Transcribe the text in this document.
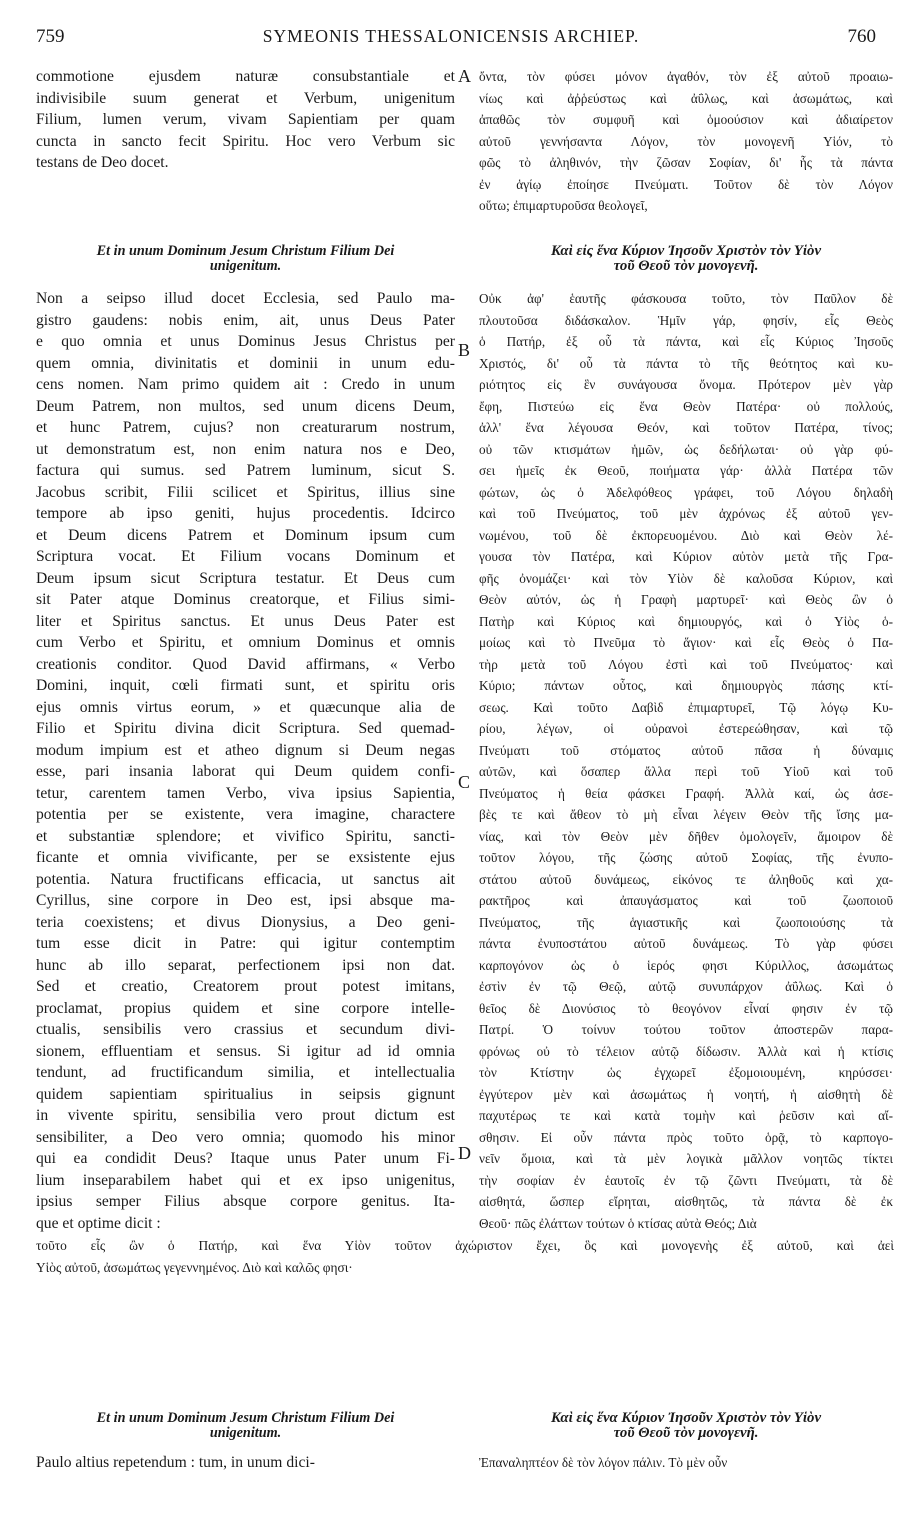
759	SYMEONIS THESSALONICENSIS ARCHIEP.	760
A
B
C
D
commotione ejusdem naturæ consubstantiale et
indivisibile suum generat et Verbum, unigenitum
Filium, lumen verum, vivam Sapientiam per quam
cuncta in sancto fecit Spiritu. Hoc vero Verbum sic
testans de Deo docet.
ὄντα, τὸν φύσει μόνον ἀγαθόν, τὸν ἐξ αὐτοῦ προαιω-
νίως καὶ ἀῤῥεύστως καὶ ἀΰλως, καὶ ἀσωμάτως, καὶ
ἀπαθῶς τὸν συμφυῆ καὶ ὁμοούσιον καὶ ἀδιαίρετον
αὐτοῦ γεννήσαντα Λόγον, τὸν μονογενῆ Υἱόν, τὸ
φῶς τὸ ἀληθινόν, τὴν ζῶσαν Σοφίαν, δι' ἧς τὰ πάντα
ἐν ἁγίῳ ἐποίησε Πνεύματι. Τοῦτον δὲ τὸν Λόγον
οὕτω; ἐπιμαρτυροῦσα θεολογεῖ,
Et in unum Dominum Jesum Christum Filium Dei
unigenitum.
Καὶ εἰς ἕνα Κύριον Ἰησοῦν Χριστὸν τὸν Υἱὸν
τοῦ Θεοῦ τὸν μονογενῆ.
Non a seipso illud docet Ecclesia, sed Paulo ma-
gistro gaudens: nobis enim, ait, unus Deus Pater
e quo omnia et unus Dominus Jesus Christus per
quem omnia, divinitatis et dominii in unum edu-
cens nomen. Nam primo quidem ait : Credo in unum
Deum Patrem, non multos, sed unum dicens Deum,
et hunc Patrem, cujus? non creaturarum nostrum,
ut demonstratum est, non enim natura nos e Deo,
factura qui sumus. sed Patrem luminum, sicut S.
Jacobus scribit, Filii scilicet et Spiritus, illius sine
tempore ab ipso geniti, hujus procedentis. Idcirco
et Deum dicens Patrem et Dominum ipsum cum
Scriptura vocat. Et Filium vocans Dominum et
Deum ipsum sicut Scriptura testatur. Et Deus cum
sit Pater atque Dominus creatorque, et Filius simi-
liter et Spiritus sanctus. Et unus Deus Pater est
cum Verbo et Spiritu, et omnium Dominus et omnis
creationis conditor. Quod David affirmans, « Verbo
Domini, inquit, cœli firmati sunt, et spiritu oris
ejus omnis virtus eorum, » et quæcunque alia de
Filio et Spiritu divina dicit Scriptura. Sed quemad-
modum impium est et atheo dignum si Deum negas
esse, pari insania laborat qui Deum quidem confi-
tetur, carentem tamen Verbo, viva ipsius Sapientia,
potentia per se existente, vera imagine, charactere
et substantiæ splendore; et vivifico Spiritu, sancti-
ficante et omnia vivificante, per se exsistente ejus
potentia. Natura fructificans efficacia, ut sanctus ait
Cyrillus, sine corpore in Deo est, ipsi absque ma-
teria coexistens; et divus Dionysius, a Deo geni-
tum esse dicit in Patre: qui igitur contemptim
hunc ab illo separat, perfectionem ipsi non dat.
Sed et creatio, Creatorem prout potest imitans,
proclamat, propius quidem et sine corpore intelle-
ctualis, sensibilis vero crassius et secundum divi-
sionem, effluentiam et sensus. Si igitur ad id omnia
tendunt, ad fructificandum similia, et intellectualia
quidem sapientiam spiritualius in seipsis gignunt
in vivente spiritu, sensibilia vero prout dictum est
sensibiliter, a Deo vero omnia; quomodo his minor
qui ea condidit Deus? Itaque unus Pater unum Fi-
lium inseparabilem habet qui et ex ipso unigenitus,
ipsius semper Filius absque corpore genitus. Ita-
que et optime dicit :
Οὐκ ἀφ' ἑαυτῆς φάσκουσα τοῦτο, τὸν Παῦλον δὲ
πλουτοῦσα διδάσκαλον. Ἡμῖν γάρ, φησίν, εἷς Θεὸς
ὁ Πατήρ, ἐξ οὗ τὰ πάντα, καὶ εἷς Κύριος Ἰησοῦς
Χριστός, δι' οὗ τὰ πάντα τὸ τῆς θεότητος καὶ κυ-
ριότητος εἰς ἓν συνάγουσα ὄνομα. Πρότερον μὲν γὰρ
ἔφη, Πιστεύω εἰς ἕνα Θεὸν Πατέρα· οὐ πολλούς,
ἀλλ' ἕνα λέγουσα Θεόν, καὶ τοῦτον Πατέρα, τίνος;
οὐ τῶν κτισμάτων ἡμῶν, ὡς δεδήλωται· οὐ γὰρ φύ-
σει ἡμεῖς ἐκ Θεοῦ, ποιήματα γάρ· ἀλλὰ Πατέρα τῶν
φώτων, ὡς ὁ Ἀδελφόθεος γράφει, τοῦ Λόγου δηλαδὴ
καὶ τοῦ Πνεύματος, τοῦ μὲν ἀχρόνως ἐξ αὐτοῦ γεν-
νωμένου, τοῦ δὲ ἐκπορευομένου. Διὸ καὶ Θεὸν λέ-
γουσα τὸν Πατέρα, καὶ Κύριον αὐτὸν μετὰ τῆς Γρα-
φῆς ὀνομάζει· καὶ τὸν Υἱὸν δὲ καλοῦσα Κύριον, καὶ
Θεὸν αὐτόν, ὡς ἡ Γραφὴ μαρτυρεῖ· καὶ Θεὸς ὢν ὁ
Πατὴρ καὶ Κύριος καὶ δημιουργός, καὶ ὁ Υἱὸς ὁ-
μοίως καὶ τὸ Πνεῦμα τὸ ἅγιον· καὶ εἷς Θεὸς ὁ Πα-
τὴρ μετὰ τοῦ Λόγου ἐστὶ καὶ τοῦ Πνεύματος· καὶ
Κύριο; πάντων οὗτος, καὶ δημιουργὸς πάσης κτί-
σεως. Καὶ τοῦτο Δαβὶδ ἐπιμαρτυρεῖ, Τῷ λόγῳ Κυ-
ρίου, λέγων, οἱ οὐρανοὶ ἐστερεώθησαν, καὶ τῷ
Πνεύματι τοῦ στόματος αὐτοῦ πᾶσα ἡ δύναμις
αὐτῶν, καὶ ὅσαπερ ἄλλα περὶ τοῦ Υἱοῦ καὶ τοῦ
Πνεύματος ἡ θεία φάσκει Γραφή. Ἀλλὰ καί, ὡς ἀσε-
βὲς τε καὶ ἄθεον τὸ μὴ εἶναι λέγειν Θεὸν τῆς ἴσης μα-
νίας, καὶ τὸν Θεὸν μὲν δῆθεν ὁμολογεῖν, ἄμοιρον δὲ
τοῦτον λόγου, τῆς ζώσης αὐτοῦ Σοφίας, τῆς ἐνυπο-
στάτου αὐτοῦ δυνάμεως, εἰκόνος τε ἀληθοῦς καὶ χα-
ρακτῆρος καὶ ἀπαυγάσματος καὶ τοῦ ζωοποιοῦ
Πνεύματος, τῆς ἁγιαστικῆς καὶ ζωοποιούσης τὰ
πάντα ἐνυποστάτου αὐτοῦ δυνάμεως. Τὸ γὰρ φύσει
καρπογόνον ὡς ὁ ἱερός φησι Κύριλλος, ἀσωμάτως
ἐστὶν ἐν τῷ Θεῷ, αὐτῷ συνυπάρχον ἀΰλως. Καὶ ὁ
θεῖος δὲ Διονύσιος τὸ θεογόνον εἶναί φησιν ἐν τῷ
Πατρί. Ὁ τοίνυν τούτου τοῦτον ἀποστερῶν παρα-
φρόνως οὐ τὸ τέλειον αὐτῷ δίδωσιν. Ἀλλὰ καὶ ἡ κτίσις
τὸν Κτίστην ὡς ἐγχωρεῖ ἐξομοιουμένη, κηρύσσει·
ἐγγύτερον μὲν καὶ ἀσωμάτως ἡ νοητή, ἡ αἰσθητὴ δὲ
παχυτέρως τε καὶ κατὰ τομὴν καὶ ῥεῦσιν καὶ αἴ-
σθησιν. Εἰ οὖν πάντα πρὸς τοῦτο ὁρᾷ, τὸ καρπογο-
νεῖν ὅμοια, καὶ τὰ μὲν λογικὰ μᾶλλον νοητῶς τίκτει
τὴν σοφίαν ἐν ἑαυτοῖς ἐν τῷ ζῶντι Πνεύματι, τὰ δὲ
αἰσθητά, ὥσπερ εἴρηται, αἰσθητῶς, τὰ πάντα δὲ ἐκ
Θεοῦ· πῶς ἐλάττων τούτων ὁ κτίσας αὐτὰ Θεός; Διὰ
τοῦτο εἷς ὢν ὁ Πατήρ, καὶ ἕνα Υἱὸν τοῦτον ἀχώριστον ἔχει, ὃς καὶ μονογενὴς ἐξ αὐτοῦ, καὶ ἀεὶ
Υἱὸς αὐτοῦ, ἀσωμάτως γεγεννημένος. Διὸ καὶ καλῶς φησι·
Et in unum Dominum Jesum Christum Filium Dei
unigenitum.
Καὶ εἰς ἕνα Κύριον Ἰησοῦν Χριστὸν τὸν Υἱὸν
τοῦ Θεοῦ τὸν μονογενῆ.
Paulo altius repetendum : tum, in unum dici-	Ἐπαναληπτέον δὲ τὸν λόγον πάλιν. Τὸ μὲν οὖν
